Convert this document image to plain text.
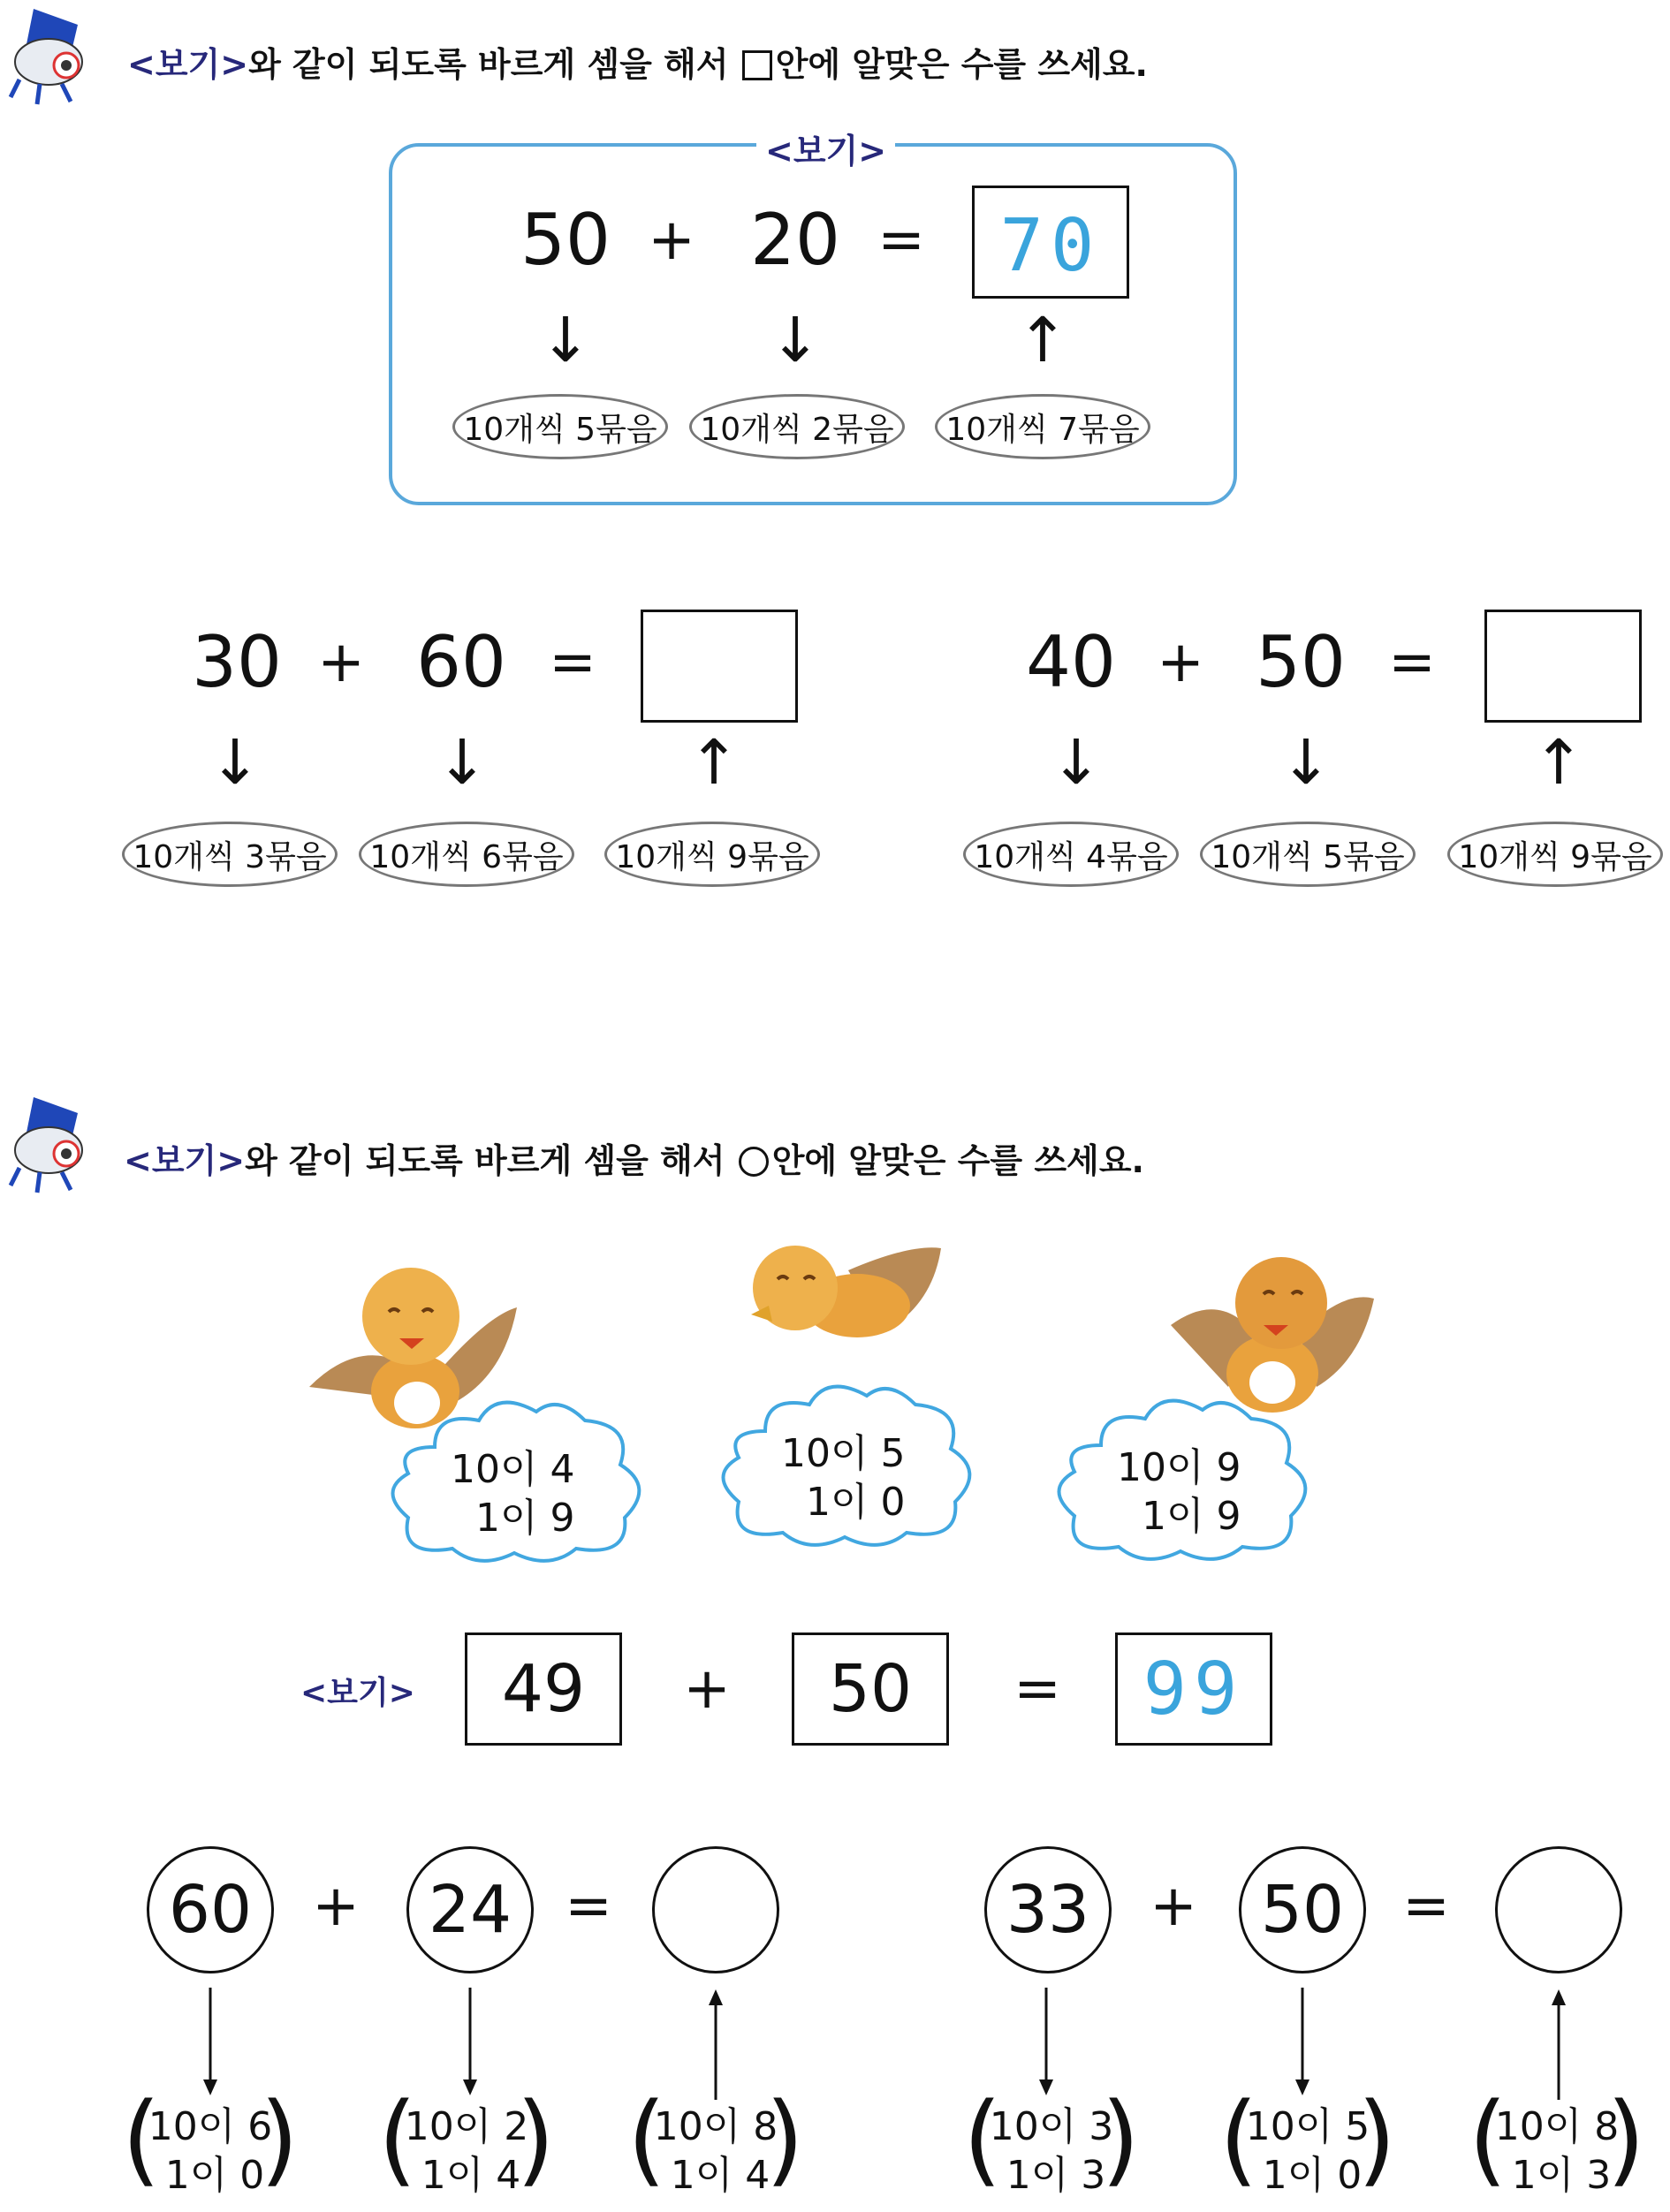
<보기>와 같이 되도록 바르게 셈을 해서 안에 알맞은 수를 쓰세요.
<보기>
50 + 20 =	70
↓	↓	↑
10개씩 5묶음	10개씩 2묶음	10개씩 7묶음
30 + 60 =
↓	↓	↑
10개씩 3묶음	10개씩 6묶음	10개씩 9묶음
40 + 50 =
↓	↓	↑
10개씩 4묶음	10개씩 5묶음	10개씩 9묶음
<보기>와 같이 되도록 바르게 셈을 해서 안에 알맞은 수를 쓰세요.
10이 4
1이 9
10이 5
1이 0
10이 9
1이 9
<보기>	49	+	50	= 99
60	+	24 =
(
10이 6
1이 0
) (
10이 2
1이 4
) (
10이 8
1이 4
)
33	+ 50	=
(
10이 3
1이 3
) (
10이 5
1이 0
) (
10이 8
1이 3
)
